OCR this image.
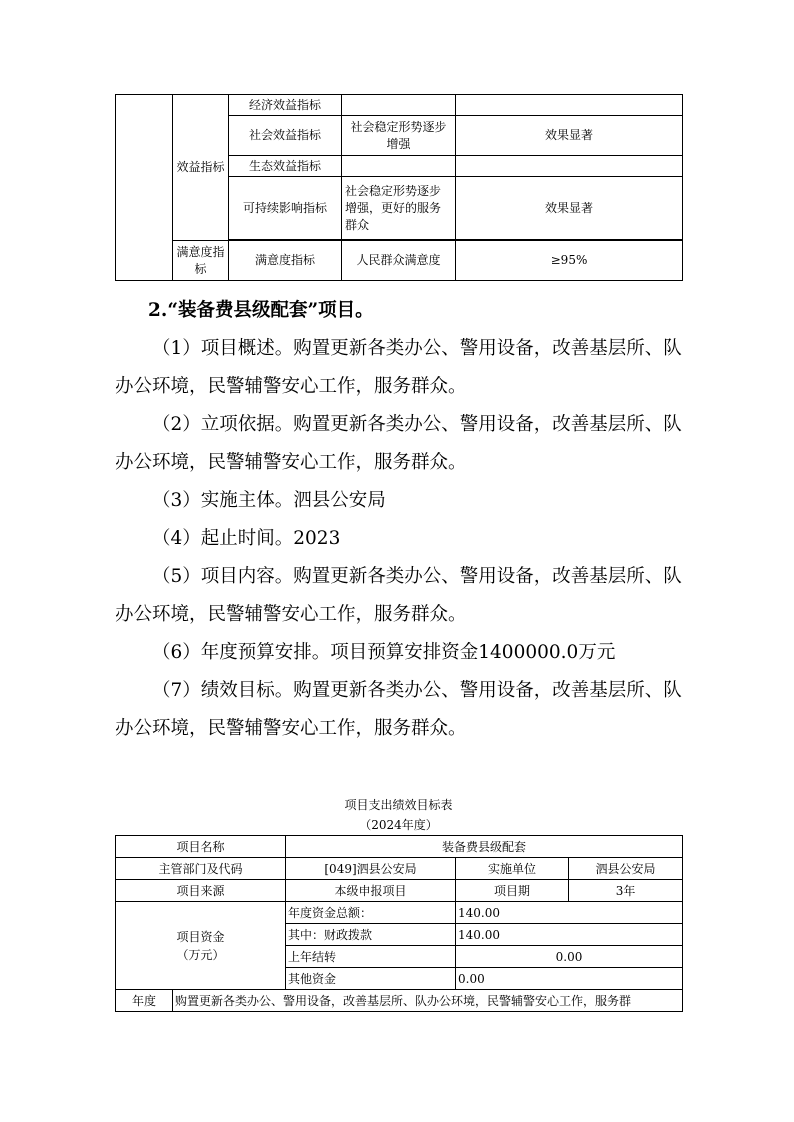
	效益指标	经济效益指标		
		社会效益指标	社会稳定形势逐步增强	效果显著
		生态效益指标		
		可持续影响指标	社会稳定形势逐步增强，更好的服务群众	效果显著

	满意度指标	满意度指标	人民群众满意度	≥95%

2.“装备费县级配套”项目。

（1）项目概述。购置更新各类办公、警用设备，改善基层所、队办公环境，民警辅警安心工作，服务群众。

（2）立项依据。购置更新各类办公、警用设备，改善基层所、队办公环境，民警辅警安心工作，服务群众。

（3）实施主体。泗县公安局

（4）起止时间。2023

（5）项目内容。购置更新各类办公、警用设备，改善基层所、队办公环境，民警辅警安心工作，服务群众。

（6）年度预算安排。项目预算安排资金1400000.0万元

（7）绩效目标。购置更新各类办公、警用设备，改善基层所、队办公环境，民警辅警安心工作，服务群众。

项目支出绩效目标表
（2024年度）
项目名称		装备费县级配套		
主管部门及代码		[049]泗县公安局	实施单位	泗县公安局
项目来源		本级申报项目	项目期	3年

项目资金
（万元）		年度资金总额：	140.00	
		其中：财政拨款	140.00	
		上年结转	0.00	
		其他资金	0.00	
年度	购置更新各类办公、警用设备，改善基层所、队办公环境，民警辅警安心工作，服务群			
